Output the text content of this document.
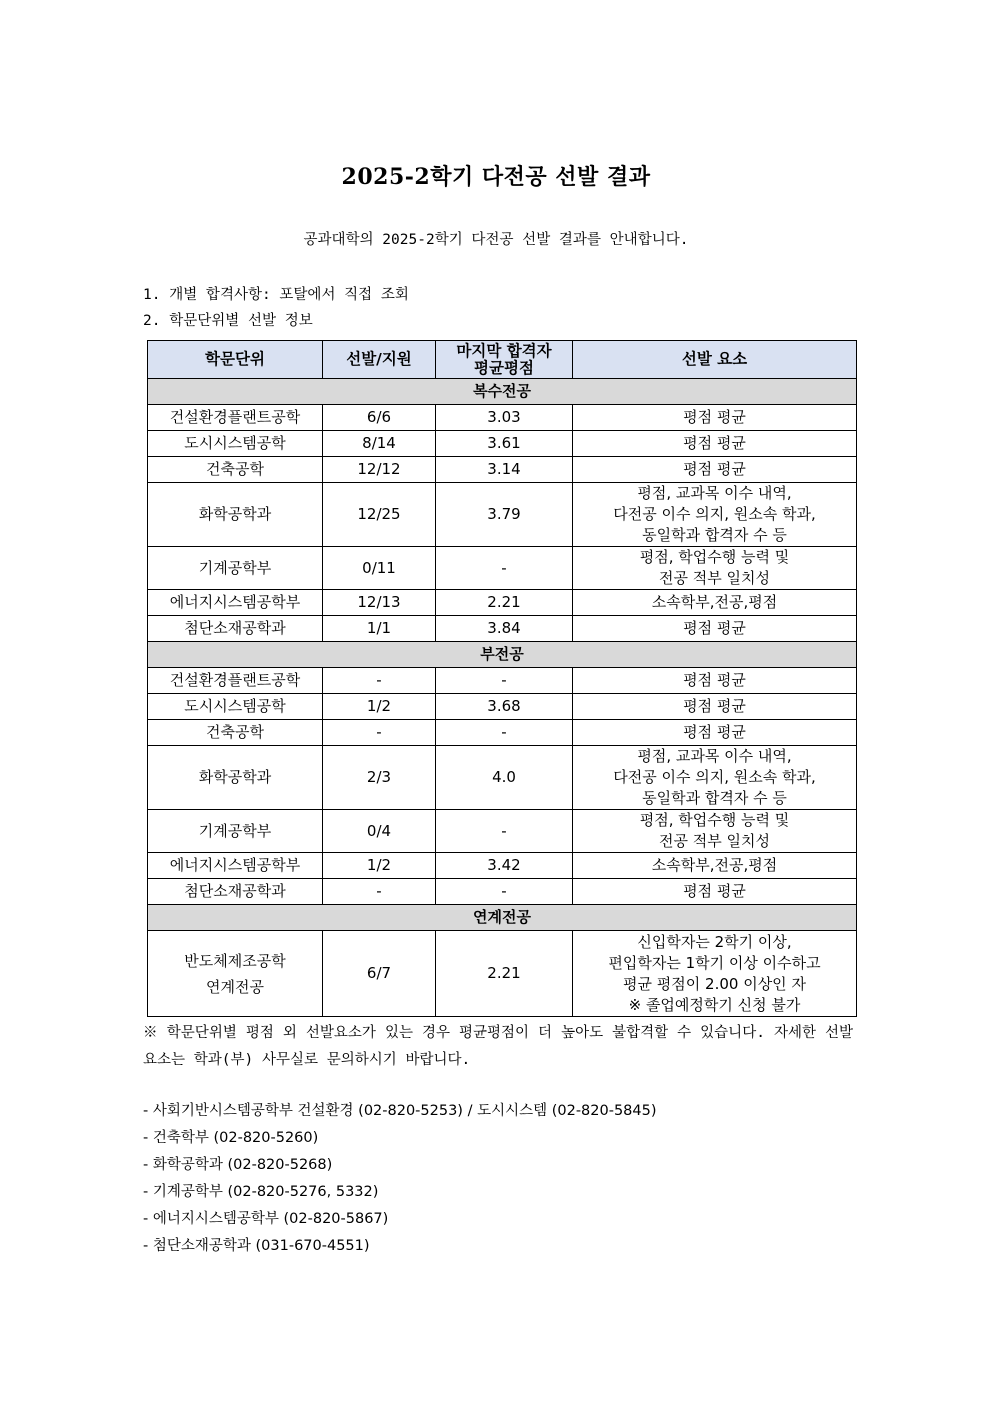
2025-2학기 다전공 선발 결과
공과대학의 2025-2학기 다전공 선발 결과를 안내합니다.
1. 개별 합격사항: 포탈에서 직접 조회
2. 학문단위별 선발 정보
학문단위	선발/지원	마지막 합격자
평균평점	선발 요소
복수전공			
건설환경플랜트공학	6/6	3.03	평점 평균
도시시스템공학	8/14	3.61	평점 평균
건축공학	12/12	3.14	평점 평균
화학공학과	12/25	3.79	평점, 교과목 이수 내역,
다전공 이수 의지, 원소속 학과,
동일학과 합격자 수 등
기계공학부	0/11	-	평점, 학업수행 능력 및
전공 적부 일치성
에너지시스템공학부	12/13	2.21	소속학부,전공,평점
첨단소재공학과	1/1	3.84	평점 평균
부전공			
건설환경플랜트공학	-	-	평점 평균
도시시스템공학	1/2	3.68	평점 평균
건축공학	-	-	평점 평균
화학공학과	2/3	4.0	평점, 교과목 이수 내역,
다전공 이수 의지, 원소속 학과,
동일학과 합격자 수 등
기계공학부	0/4	-	평점, 학업수행 능력 및
전공 적부 일치성
에너지시스템공학부	1/2	3.42	소속학부,전공,평점
첨단소재공학과	-	-	평점 평균
연계전공			
반도체제조공학
연계전공	6/7	2.21	신입학자는 2학기 이상,
편입학자는 1학기 이상 이수하고
평균 평점이 2.00 이상인 자
※ 졸업예정학기 신청 불가
※ 학문단위별 평점 외 선발요소가 있는 경우 평균평점이 더 높아도 불합격할 수 있습니다. 자세한 선발 요소는 학과(부) 사무실로 문의하시기 바랍니다.
- 사회기반시스템공학부 건설환경 (02-820-5253) / 도시시스템 (02-820-5845)
- 건축학부 (02-820-5260)
- 화학공학과 (02-820-5268)
- 기계공학부 (02-820-5276, 5332)
- 에너지시스템공학부 (02-820-5867)
- 첨단소재공학과 (031-670-4551)
